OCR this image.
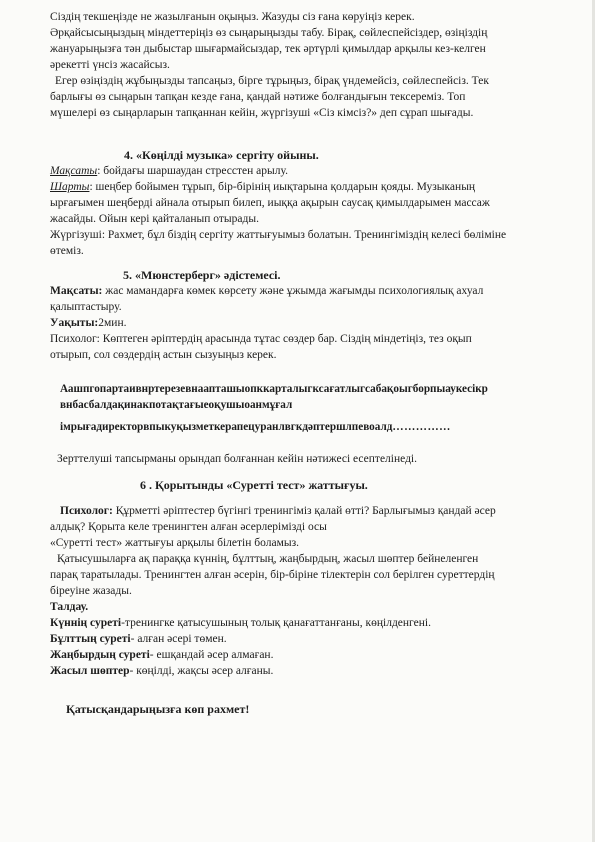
Сіздің текшеңізде не жазылғанын оқыңыз. Жазуды сіз ғана көруіңіз керек.
Әрқайсысыңыздың міндеттеріңіз өз сыңарыңызды табу. Бірақ, сөйлеспейсіздер, өзіңіздің
жануарыңызға тән дыбыстар шығармайсыздар, тек әртүрлі қимылдар арқылы кез-келген
әрекетті үнсіз жасайсыз.
Егер өзіңіздің жұбыңызды тапсаңыз, бірге тұрыңыз, бірақ үндемейсіз, сөйлеспейсіз. Тек
барлығы өз сыңарын тапқан кезде ғана, қандай нәтиже болғандығын тексереміз. Топ
мүшелері өз сыңарларын тапқаннан кейін, жүргізуші «Сіз кімсіз?» деп сұрап шығады.
4. «Көңілді музыка» сергіту ойыны.
Мақсаты: бойдағы шаршаудан стресстен арылу.
Шарты: шеңбер бойымен тұрып, бір-бірінің иықтарына қолдарын қояды. Музыканың
ырғағымен шеңберді айнала отырып билеп, иыққа ақырын саусақ қимылдарымен массаж
жасайды. Ойын кері қайталанып отырады.
Жүргізуші: Рахмет, бұл біздің сергіту жаттығуымыз болатын. Тренингіміздің келесі бөліміне
өтеміз.
5. «Мюнстерберг» әдістемесі.
Мақсаты: жас мамандарға көмек көрсету және ұжымда жағымды психологиялық ахуал
қалыптастыру.
Уақыты:2мин.
Психолог: Көптеген әріптердің арасында тұтас сөздер бар. Сіздің міндетіңіз, тез оқып
отырып, сол сөздердің астын сызуыңыз керек.
Аашпгопартаивнртерезевнаапташыопккарталыгксағатлыгсабақоыгборпыаукесікр
внбасбалдақинакпотақтағыеоқушыоанмұғал
імрығадиректорвпыкуқызметкерапецуранлвгкдәптершлпевоалд……………
Зерттелуші тапсырманы орындап болғаннан кейін нәтижесі есептелінеді.
6 . Қорытынды «Суретті тест» жаттығуы.
Психолог: Құрметті әріптестер бүгінгі тренингіміз қалай өтті? Барлығымыз қандай әсер
алдық? Қорыта келе тренингтен алған әсерлерімізді осы
«Суретті тест» жаттығуы арқылы білетін боламыз.
Қатысушыларға ақ параққа күннің, бұлттың, жаңбырдың, жасыл шөптер бейнеленген
парақ таратылады. Тренингтен алған әсерін, бір-біріне тілектерін сол берілген суреттердің
біреуіне жазады.
Талдау.
Күннің суреті-тренингке қатысушының толық қанағаттанғаны, көңілденгені.
Бұлттың суреті- алған әсері төмен.
Жаңбырдың суреті- ешқандай әсер алмаған.
Жасыл шөптер- көңілді, жақсы әсер алғаны.
Қатысқандарыңызға көп рахмет!
